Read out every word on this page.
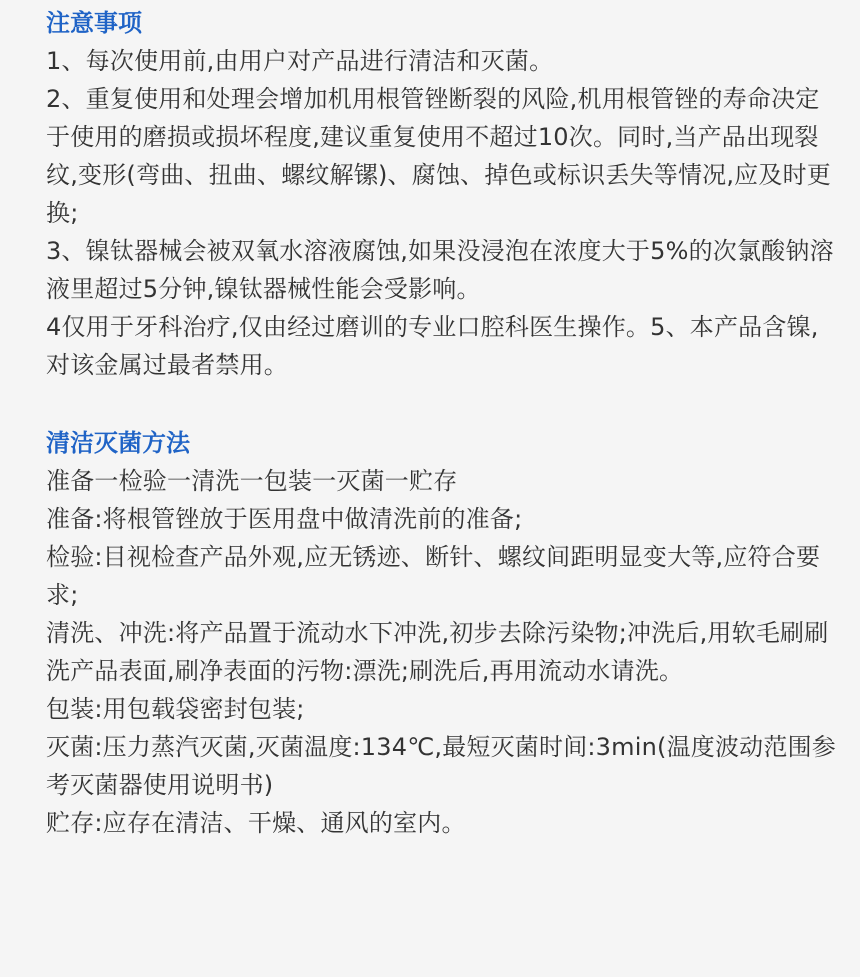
注意事项

1、每次使用前,由用户对产品进行清洁和灭菌。

2、重复使用和处理会增加机用根管锉断裂的风险,机用根管锉的寿命决定于使用的磨损或损坏程度,建议重复使用不超过10次。同时,当产品出现裂纹,变形(弯曲、扭曲、螺纹解镙)、腐蚀、掉色或标识丢失等情况,应及时更换;

3、镍钛器械会被双氧水溶液腐蚀,如果没浸泡在浓度大于5%的次氯酸钠溶液里超过5分钟,镍钛器械性能会受影响。

4仅用于牙科治疗,仅由经过磨训的专业口腔科医生操作。5、本产品含镍,对该金属过最者禁用。

清洁灭菌方法

准备一检验一清洗一包装一灭菌一贮存

准备:将根管锉放于医用盘中做清洗前的准备;

检验:目视检查产品外观,应无锈迹、断针、螺纹间距明显变大等,应符合要求;

清洗、冲洗:将产品置于流动水下冲洗,初步去除污染物;冲洗后,用软毛刷刷洗产品表面,刷净表面的污物:漂洗;刷洗后,再用流动水请洗。

包装:用包载袋密封包装;

灭菌:压力蒸汽灭菌,灭菌温度:134℃,最短灭菌时间:3min(温度波动范围参考灭菌器使用说明书)

贮存:应存在清洁、干燥、通风的室内。
